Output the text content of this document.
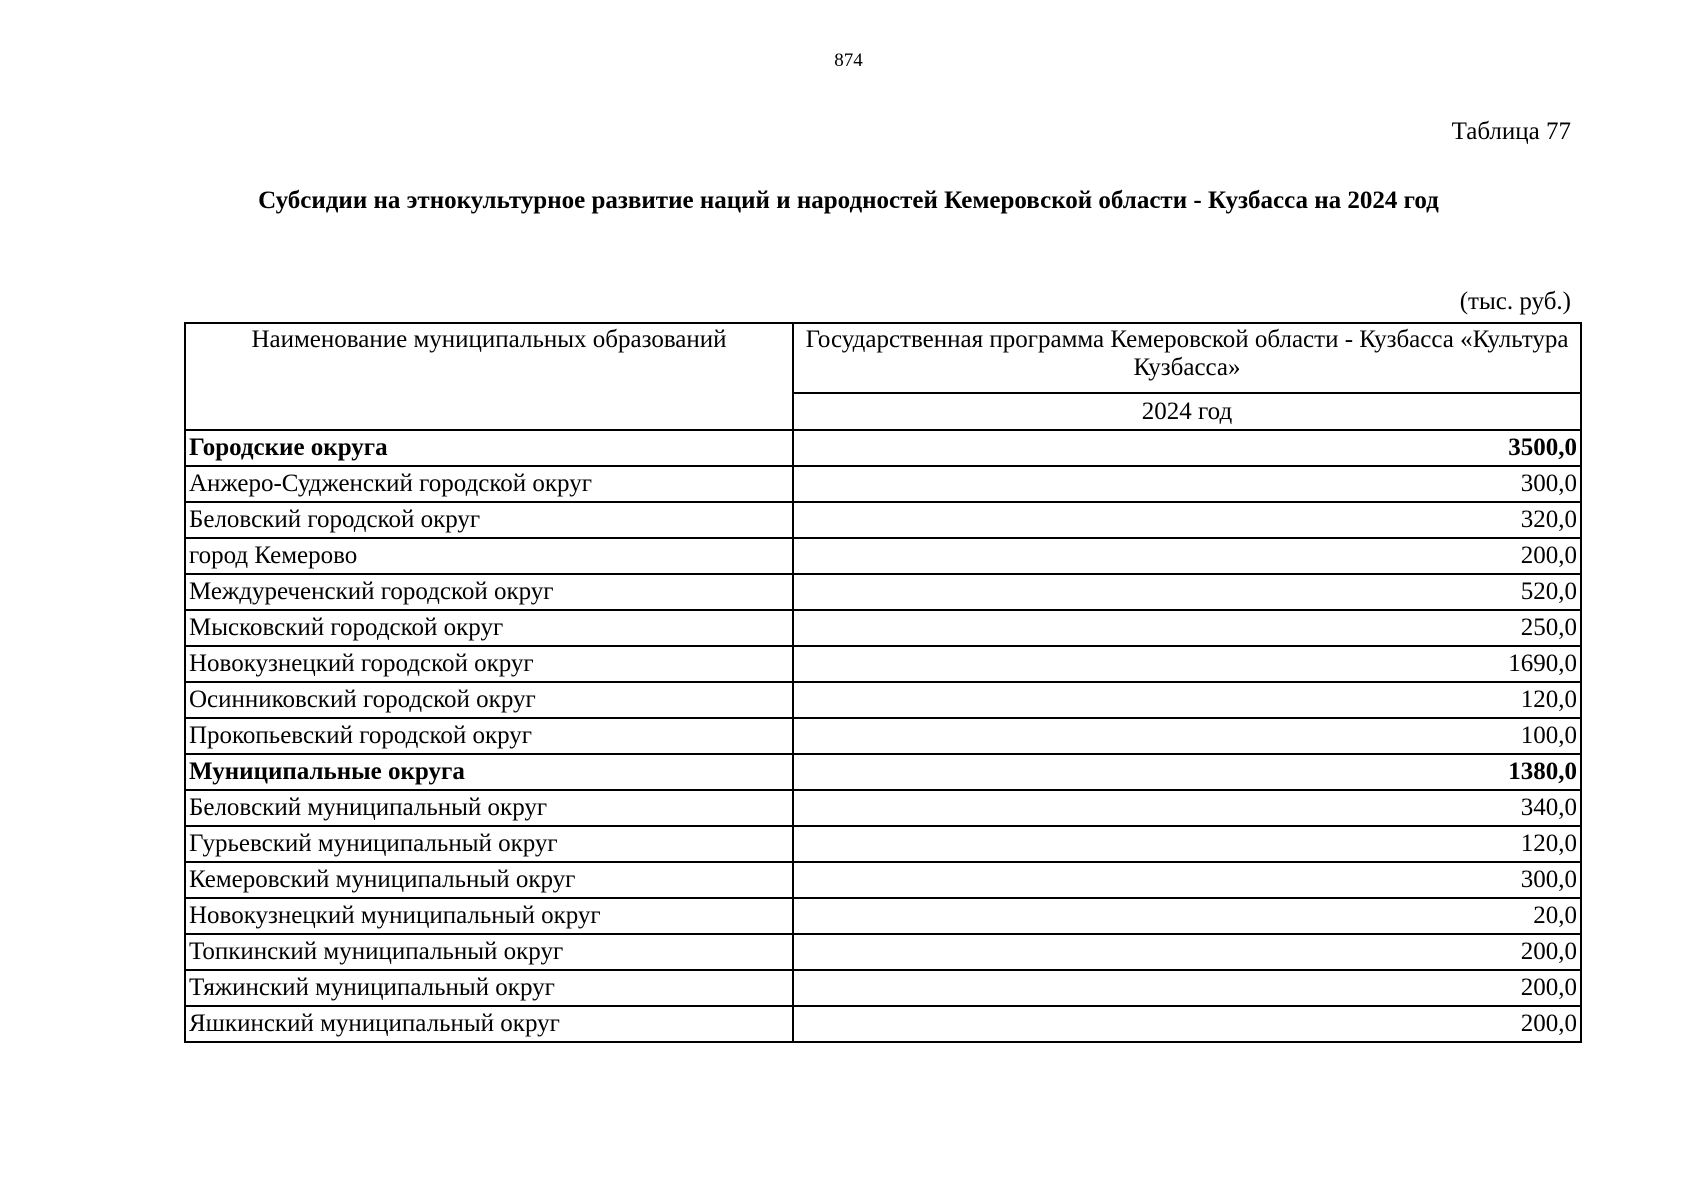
874
Таблица 77
Субсидии на этнокультурное развитие наций и народностей Кемеровской области - Кузбасса на 2024 год
(тыс. руб.)
Наименование муниципальных образований	Государственная программа Кемеровской области - Кузбасса «Культура Кузбасса»
	2024 год
Городские округа	3500,0
Анжеро-Судженский городской округ	300,0
Беловский городской округ	320,0
город Кемерово	200,0
Междуреченский городской округ	520,0
Мысковский городской округ	250,0
Новокузнецкий городской округ	1690,0
Осинниковский городской округ	120,0
Прокопьевский городской округ	100,0
Муниципальные округа	1380,0
Беловский муниципальный округ	340,0
Гурьевский муниципальный округ	120,0
Кемеровский муниципальный округ	300,0
Новокузнецкий муниципальный округ	20,0
Топкинский муниципальный округ	200,0
Тяжинский муниципальный округ	200,0
Яшкинский муниципальный округ	200,0
